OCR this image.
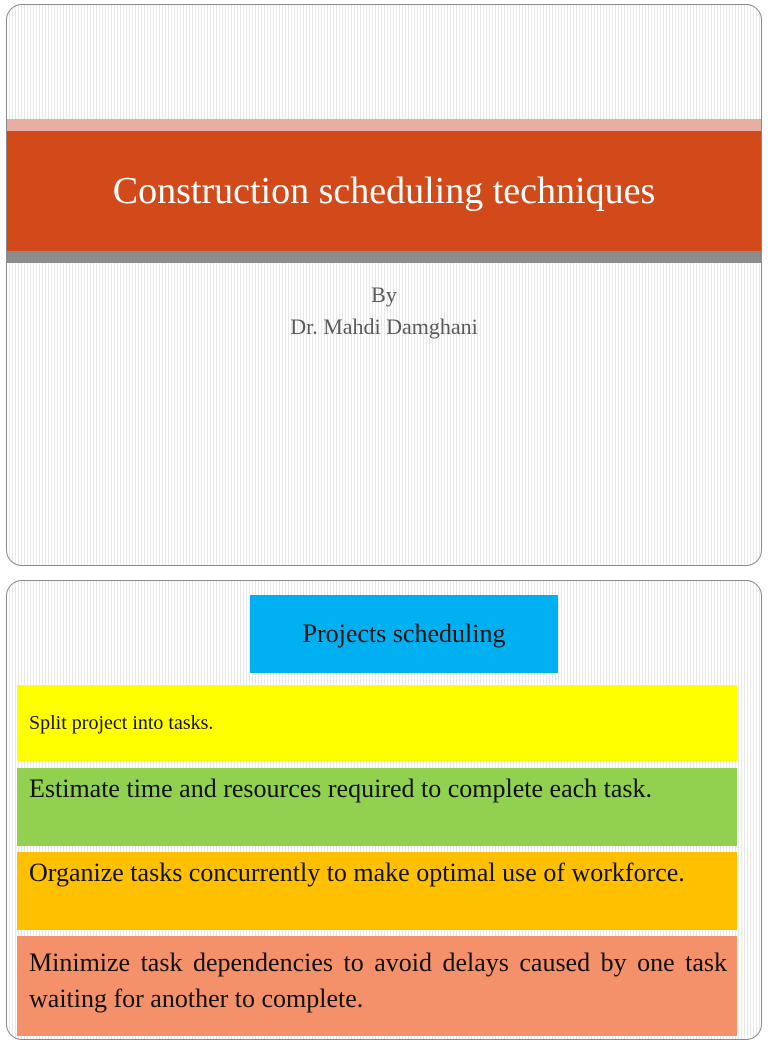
Construction scheduling techniques
By
Dr. Mahdi Damghani
Projects scheduling
Split project into tasks.
Estimate time and resources required to complete each task.
Organize tasks concurrently to make optimal use of workforce.
Minimize task dependencies to avoid delays caused by one task waiting for another to complete.
